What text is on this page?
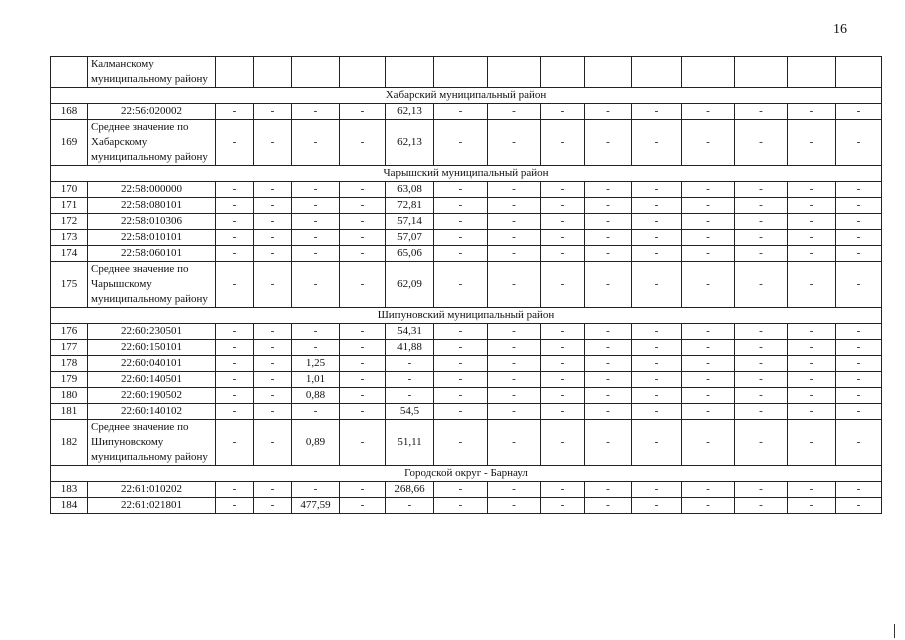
16
	Калманскому муниципальному району														
Хабарский муниципальный район															
168	22:56:020002	-	-	-	-	62,13	-	-	-	-	-	-	-	-	-
169	Среднее значение по Хабарскому муниципальному району	-	-	-	-	62,13	-	-	-	-	-	-	-	-	-
Чарышский муниципальный район															
170	22:58:000000	-	-	-	-	63,08	-	-	-	-	-	-	-	-	-
171	22:58:080101	-	-	-	-	72,81	-	-	-	-	-	-	-	-	-
172	22:58:010306	-	-	-	-	57,14	-	-	-	-	-	-	-	-	-
173	22:58:010101	-	-	-	-	57,07	-	-	-	-	-	-	-	-	-
174	22:58:060101	-	-	-	-	65,06	-	-	-	-	-	-	-	-	-
175	Среднее значение по Чарышскому муниципальному району	-	-	-	-	62,09	-	-	-	-	-	-	-	-	-
Шипуновский муниципальный район															
176	22:60:230501	-	-	-	-	54,31	-	-	-	-	-	-	-	-	-
177	22:60:150101	-	-	-	-	41,88	-	-	-	-	-	-	-	-	-
178	22:60:040101	-	-	1,25	-	-	-	-	-	-	-	-	-	-	-
179	22:60:140501	-	-	1,01	-	-	-	-	-	-	-	-	-	-	-
180	22:60:190502	-	-	0,88	-	-	-	-	-	-	-	-	-	-	-
181	22:60:140102	-	-	-	-	54,5	-	-	-	-	-	-	-	-	-
182	Среднее значение по Шипуновскому муниципальному району	-	-	0,89	-	51,11	-	-	-	-	-	-	-	-	-
Городской округ - Барнаул															
183	22:61:010202	-	-	-	-	268,66	-	-	-	-	-	-	-	-	-
184	22:61:021801	-	-	477,59	-	-	-	-	-	-	-	-	-	-	-
